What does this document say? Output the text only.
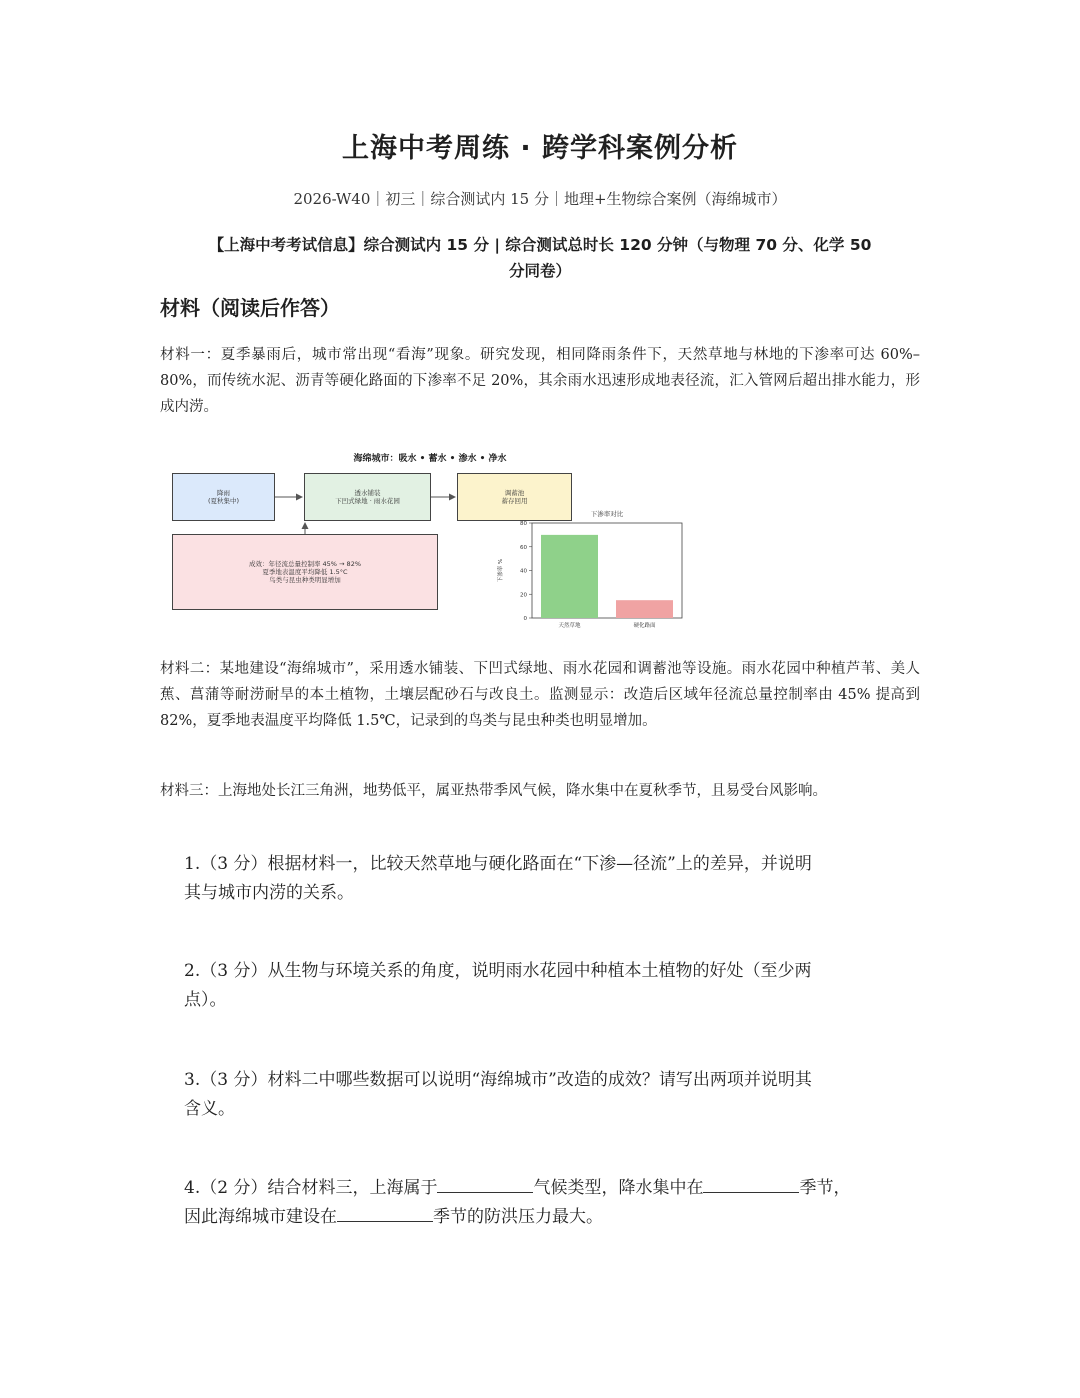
上海中考周练 · 跨学科案例分析
2026-W40｜初三｜综合测试内 15 分｜地理+生物综合案例（海绵城市）
【上海中考考试信息】综合测试内 15 分 | 综合测试总时长 120 分钟（与物理 70 分、化学 50
分同卷）
材料（阅读后作答）
材料一：夏季暴雨后，城市常出现“看海”现象。研究发现，相同降雨条件下，天然草地与林地的下渗率可达 60%–80%，而传统水泥、沥青等硬化路面的下渗率不足 20%，其余雨水迅速形成地表径流，汇入管网后超出排水能力，形成内涝。
海绵城市：吸水 • 蓄水 • 渗水 • 净水
降雨
(夏秋集中)
透水铺装
下凹式绿地 · 雨水花园
调蓄池
蓄存回用
成效：年径流总量控制率 45% → 82%
夏季地表温度平均降低 1.5°C
鸟类与昆虫种类明显增加
下渗率对比
0
20
40
60
80
下渗率 %
天然草地	硬化路面
材料二：某地建设“海绵城市”，采用透水铺装、下凹式绿地、雨水花园和调蓄池等设施。雨水花园中种植芦苇、美人蕉、菖蒲等耐涝耐旱的本土植物，土壤层配砂石与改良土。监测显示：改造后区域年径流总量控制率由 45% 提高到 82%，夏季地表温度平均降低 1.5℃，记录到的鸟类与昆虫种类也明显增加。
材料三：上海地处长江三角洲，地势低平，属亚热带季风气候，降水集中在夏秋季节，且易受台风影响。
1.（3 分）根据材料一，比较天然草地与硬化路面在“下渗—径流”上的差异，并说明
其与城市内涝的关系。
2.（3 分）从生物与环境关系的角度，说明雨水花园中种植本土植物的好处（至少两
点）。
3.（3 分）材料二中哪些数据可以说明“海绵城市”改造的成效？请写出两项并说明其
含义。
4.（2 分）结合材料三，上海属于	气候类型，降水集中在	季节，
因此海绵城市建设在	季节的防洪压力最大。
